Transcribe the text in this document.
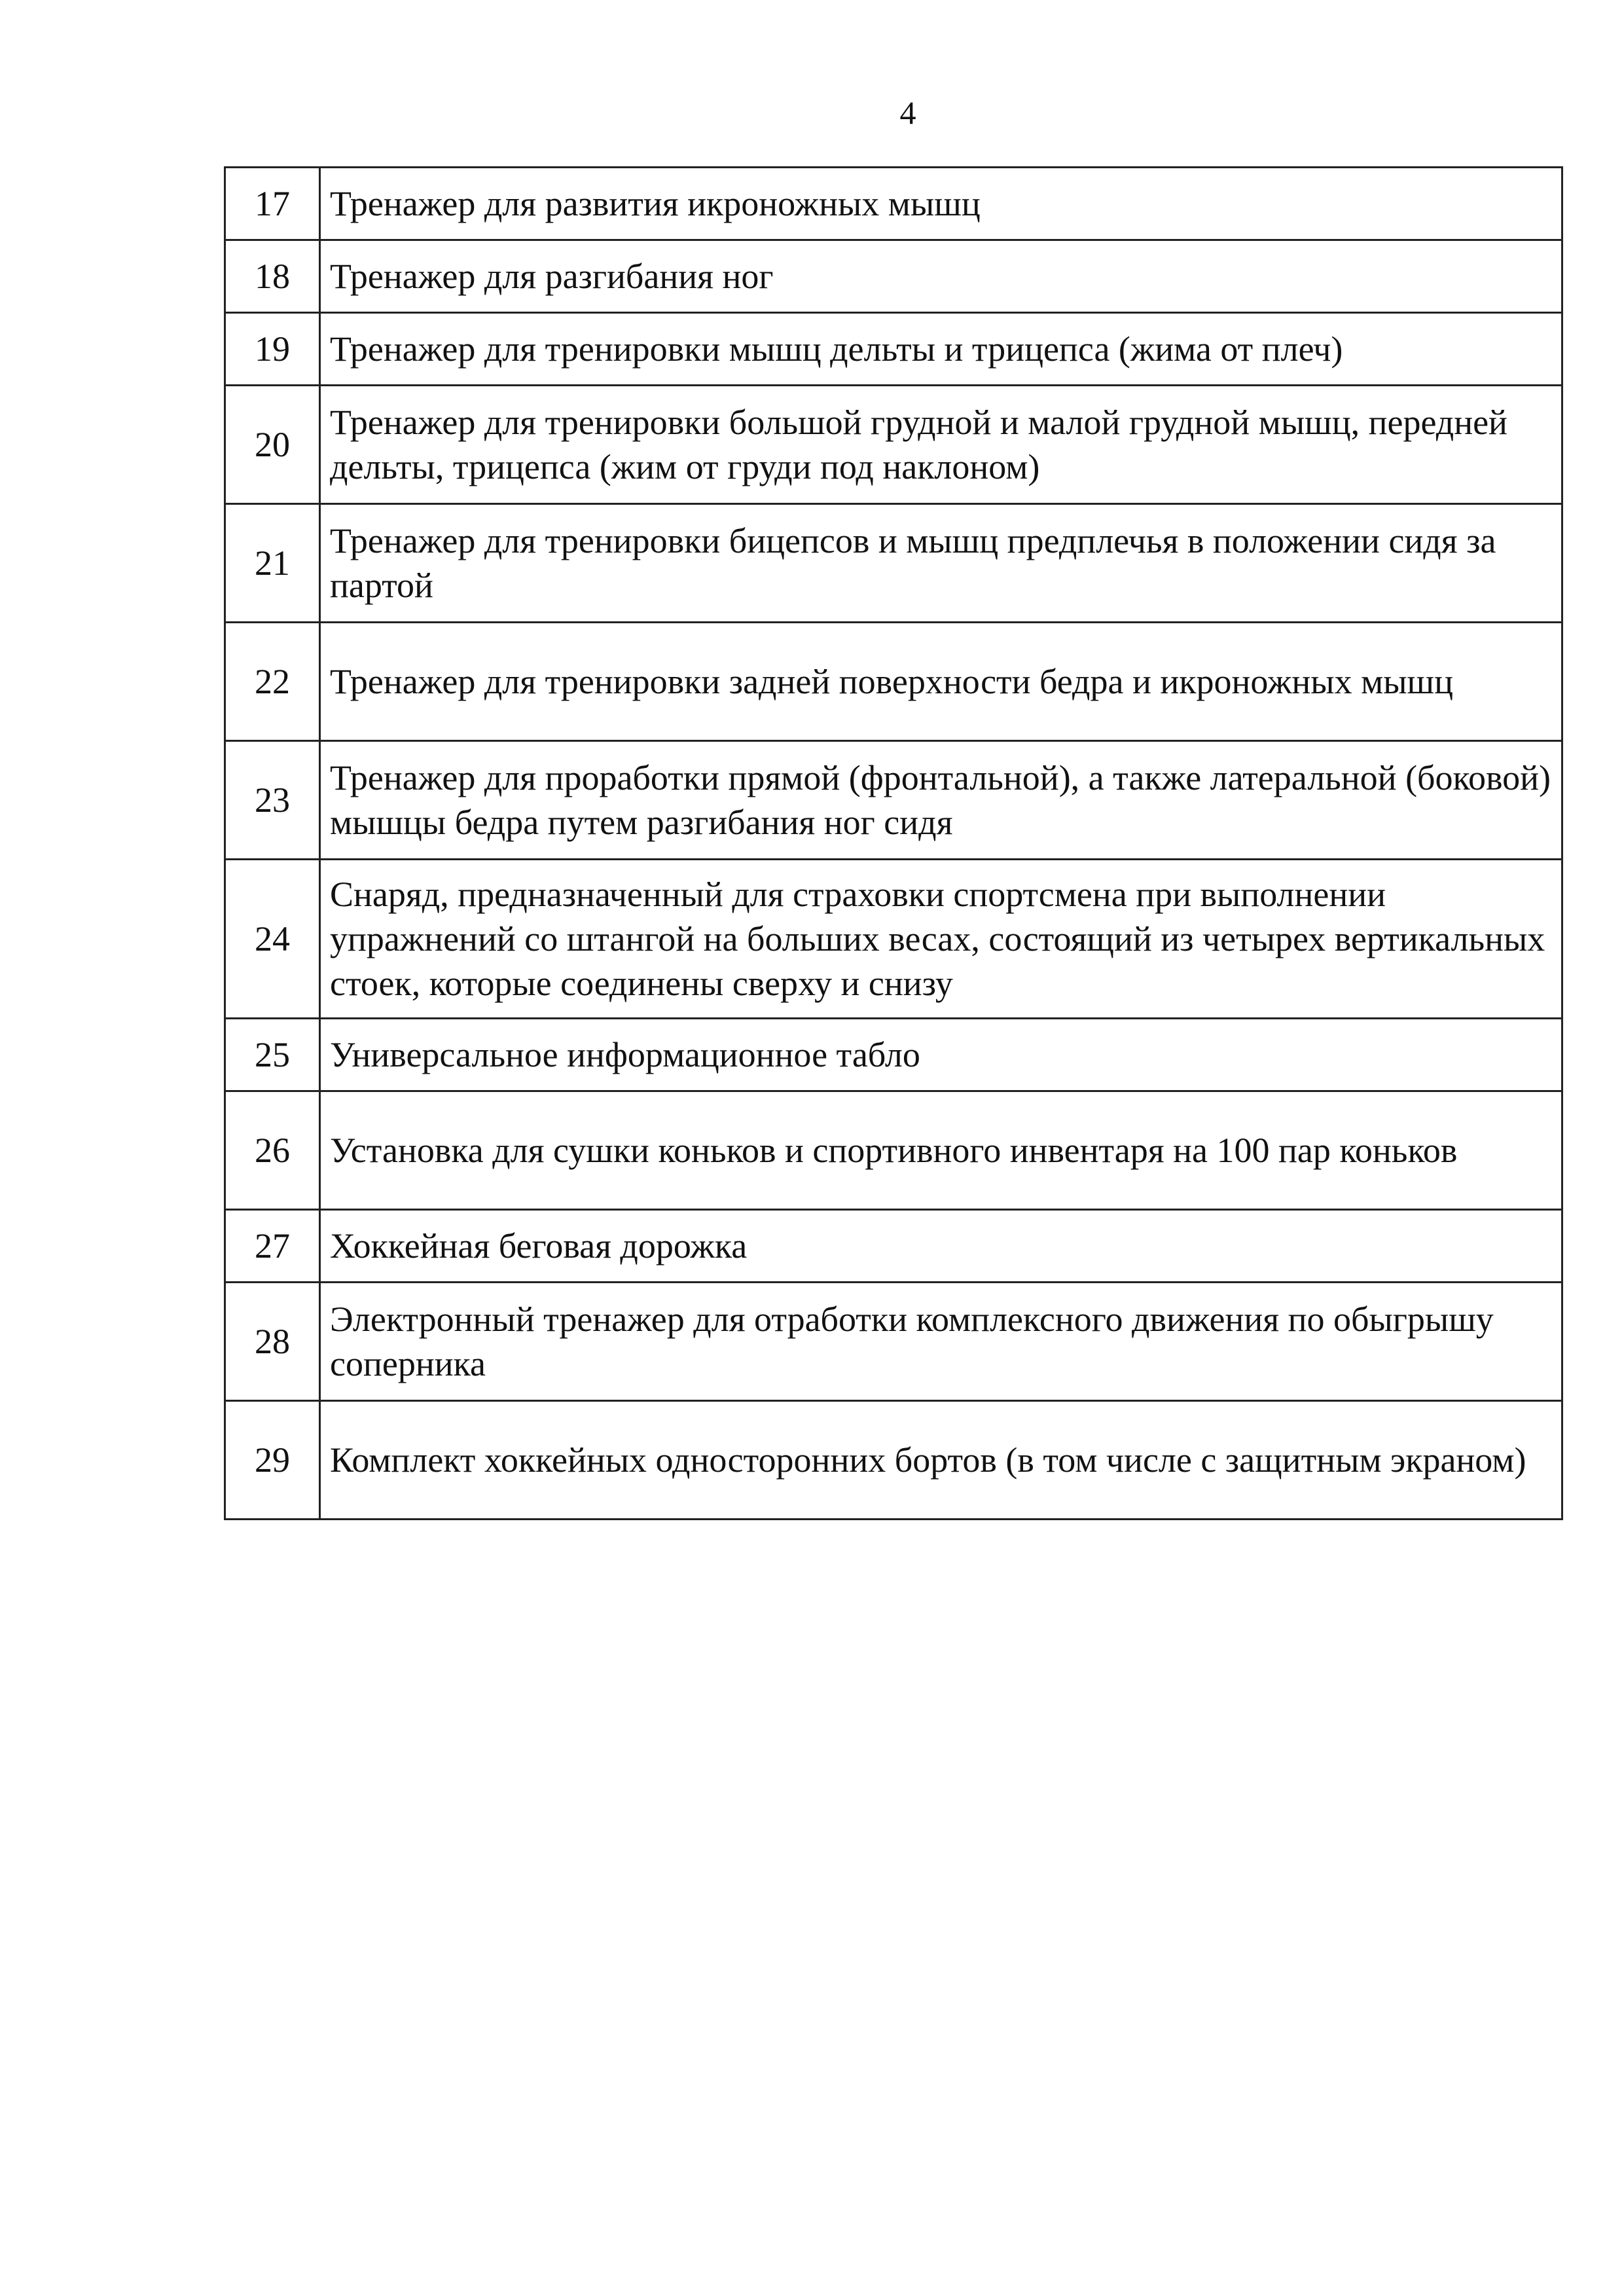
4
17	Тренажер для развития икроножных мышц
18	Тренажер для разгибания ног
19	Тренажер для тренировки мышц дельты и трицепса (жима от плеч)
20	Тренажер для тренировки большой грудной и малой грудной мышц, передней дельты, трицепса (жим от груди под наклоном)
21	Тренажер для тренировки бицепсов и мышц предплечья в положении сидя за партой
22	Тренажер для тренировки задней поверхности бедра и икроножных мышц
23	Тренажер для проработки прямой (фронтальной), а также латеральной (боковой) мышцы бедра путем разгибания ног сидя
24	Снаряд, предназначенный для страховки спортсмена при выполнении упражнений со штангой на больших весах, состоящий из четырех вертикальных стоек, которые соединены сверху и снизу
25	Универсальное информационное табло
26	Установка для сушки коньков и спортивного инвентаря на 100 пар коньков
27	Хоккейная беговая дорожка
28	Электронный тренажер для отработки комплексного движения по обыгрышу соперника
29	Комплект хоккейных односторонних бортов (в том числе с защитным экраном)
